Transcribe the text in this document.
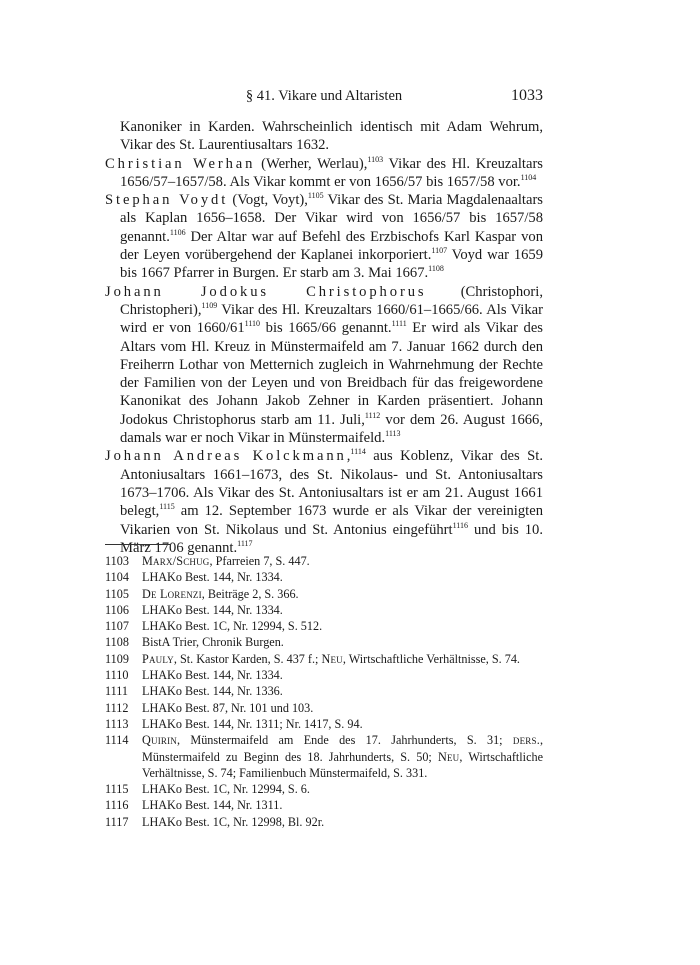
§ 41. Vikare und Altaristen	1033

Kanoniker in Karden. Wahrscheinlich identisch mit Adam Wehrum, Vikar des St. Laurentiusaltars 1632.

Christian Werhan (Werher, Werlau),$^{1103}$ Vikar des Hl. Kreuzaltars 1656/57–1657/58. Als Vikar kommt er von 1656/57 bis 1657/58 vor.$^{1104}$

Stephan Voydt (Vogt, Voyt),$^{1105}$ Vikar des St. Maria Magdalenaaltars als Kaplan 1656–1658. Der Vikar wird von 1656/57 bis 1657/58 genannt.$^{1106}$ Der Altar war auf Befehl des Erzbischofs Karl Kaspar von der Leyen vorübergehend der Kaplanei inkorporiert.$^{1107}$ Voyd war 1659 bis 1667 Pfarrer in Burgen. Er starb am 3. Mai 1667.$^{1108}$

Johann Jodokus Christophorus (Christophori, Christopheri),$^{1109}$ Vikar des Hl. Kreuzaltars 1660/61–1665/66. Als Vikar wird er von $1660/61^{1110}$ bis 1665/66 genannt.$^{1111}$ Er wird als Vikar des Altars vom Hl. Kreuz in Münstermaifeld am 7. Januar 1662 durch den Freiherrn Lothar von Metternich zugleich in Wahrnehmung der Rechte der Familien von der Leyen und von Breidbach für das freigewordene Kanonikat des Johann Jakob Zehner in Karden präsentiert. Johann Jodokus Christophorus starb am 11. Juli,$^{1112}$ vor dem 26. August 1666, damals war er noch Vikar in Münstermaifeld.$^{1113}$

Johann Andreas Kolckmann,$^{1114}$ aus Koblenz, Vikar des St. Antoniusaltars 1661–1673, des St. Nikolaus- und St. Antoniusaltars 1673–1706. Als Vikar des St. Antoniusaltars ist er am 21. August 1661 belegt,$^{1115}$ am 12. September 1673 wurde er als Vikar der vereinigten Vikarien von St. Nikolaus und St. Antonius eingeführt$^{1116}$ und bis 10. März 1706 genannt.$^{1117}$

1103	Marx/Schug, Pfarreien 7, S. 447.

1104	LHAKo Best. 144, Nr. 1334.

1105	De Lorenzi, Beiträge 2, S. 366.

1106	LHAKo Best. 144, Nr. 1334.

1107	LHAKo Best. 1C, Nr. 12994, S. 512.

1108	BistA Trier, Chronik Burgen.

1109	Pauly, St. Kastor Karden, S. 437 f.; Neu, Wirtschaftliche Verhältnisse, S. 74.

1110	LHAKo Best. 144, Nr. 1334.

1111	LHAKo Best. 144, Nr. 1336.

1112	LHAKo Best. 87, Nr. 101 und 103.

1113	LHAKo Best. 144, Nr. 1311; Nr. 1417, S. 94.

1114	Quirin, Münstermaifeld am Ende des 17. Jahrhunderts, S. 31; ders., Münstermaifeld zu Beginn des 18. Jahrhunderts, S. 50; Neu, Wirtschaftliche Verhältnisse, S. 74; Familienbuch Münstermaifeld, S. 331.

1115	LHAKo Best. 1C, Nr. 12994, S. 6.

1116	LHAKo Best. 144, Nr. 1311.

1117	LHAKo Best. 1C, Nr. 12998, Bl. 92r.
